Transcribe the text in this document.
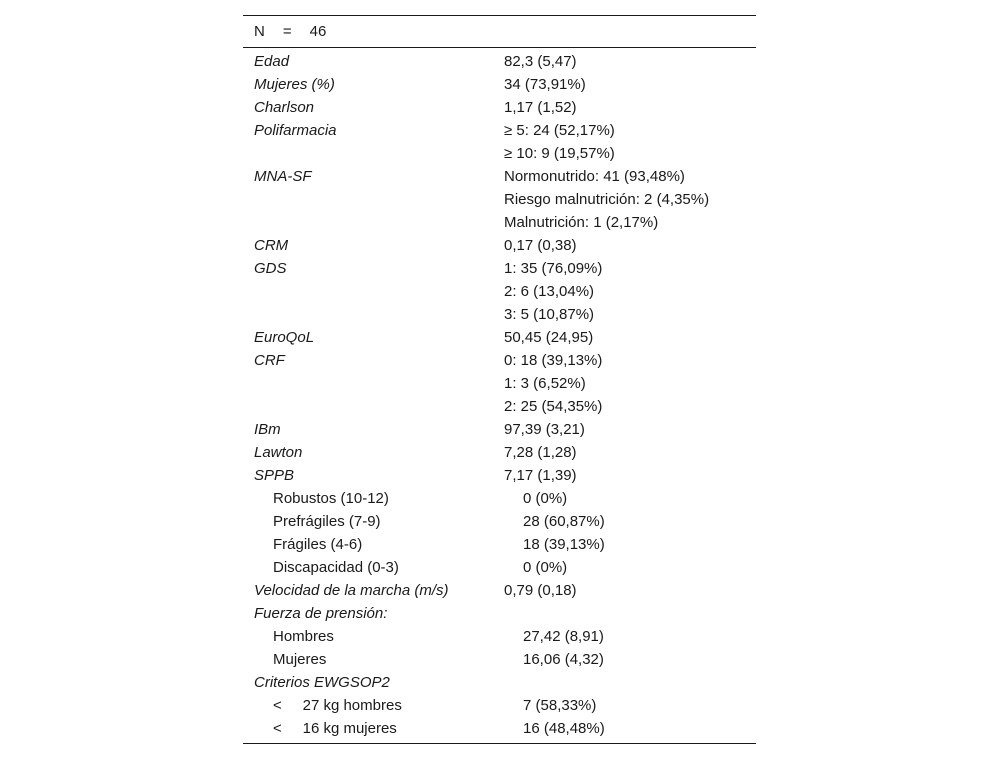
N = 46
Edad	82,3 (5,47)
Mujeres (%)	34 (73,91%)
Charlson	1,17 (1,52)
Polifarmacia	≥ 5: 24 (52,17%)
≥ 10: 9 (19,57%)
MNA-SF	Normonutrido: 41 (93,48%)
Riesgo malnutrición: 2 (4,35%)
Malnutrición: 1 (2,17%)
CRM	0,17 (0,38)
GDS	1: 35 (76,09%)
2: 6 (13,04%)
3: 5 (10,87%)
EuroQoL	50,45 (24,95)
CRF	0: 18 (39,13%)
1: 3 (6,52%)
2: 25 (54,35%)
IBm	97,39 (3,21)
Lawton	7,28 (1,28)
SPPB	7,17 (1,39)
Robustos (10-12)	0 (0%)
Prefrágiles (7-9)	28 (60,87%)
Frágiles (4-6)	18 (39,13%)
Discapacidad (0-3)	0 (0%)
Velocidad de la marcha (m/s)	0,79 (0,18)
Fuerza de prensión:
Hombres	27,42 (8,91)
Mujeres	16,06 (4,32)
Criterios EWGSOP2
<     27 kg hombres	7 (58,33%)
<     16 kg mujeres	16 (48,48%)
